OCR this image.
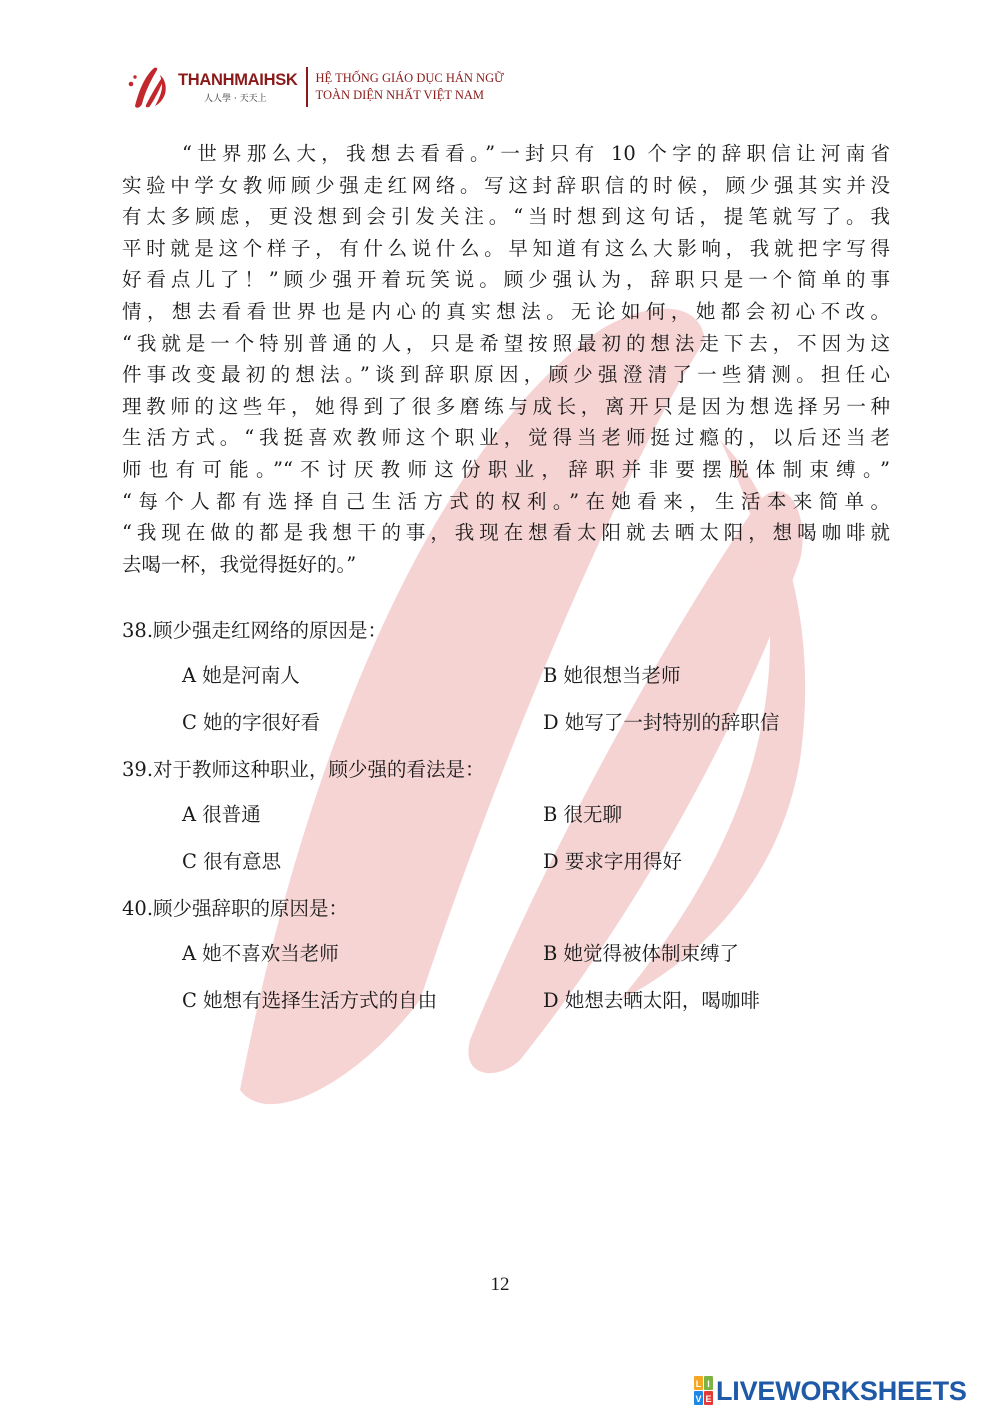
THANHMAIHSK
人人學 · 天天上
HỆ THỐNG GIÁO DỤC HÁN NGỮ
TOÀN DIỆN NHẤT VIỆT NAM

“世界那么大，我想去看看。”一封只有 10 个字的辞职信让河南省

实验中学女教师顾少强走红网络。写这封辞职信的时候，顾少强其实并没

有太多顾虑，更没想到会引发关注。“当时想到这句话，提笔就写了。我

平时就是这个样子，有什么说什么。早知道有这么大影响，我就把字写得

好看点儿了！”顾少强开着玩笑说。顾少强认为，辞职只是一个简单的事

情，想去看看世界也是内心的真实想法。无论如何，她都会初心不改。

“我就是一个特别普通的人，只是希望按照最初的想法走下去，不因为这

件事改变最初的想法。”谈到辞职原因，顾少强澄清了一些猜测。担任心

理教师的这些年，她得到了很多磨练与成长，离开只是因为想选择另一种

生活方式。“我挺喜欢教师这个职业，觉得当老师挺过瘾的，以后还当老

师也有可能。”“不讨厌教师这份职业，辞职并非要摆脱体制束缚。”

“每个人都有选择自己生活方式的权利。”在她看来，生活本来简单。

“我现在做的都是我想干的事，我现在想看太阳就去晒太阳，想喝咖啡就

去喝一杯，我觉得挺好的。”

38.顾少强走红网络的原因是：
A 她是河南人	B 她很想当老师
C 她的字很好看	D 她写了一封特别的辞职信
39.对于教师这种职业，顾少强的看法是：
A 很普通	B 很无聊
C 很有意思	D 要求字用得好
40.顾少强辞职的原因是：
A 她不喜欢当老师	B 她觉得被体制束缚了
C 她想有选择生活方式的自由	D 她想去晒太阳，喝咖啡
12
L I
V E LIVEWORKSHEETS
